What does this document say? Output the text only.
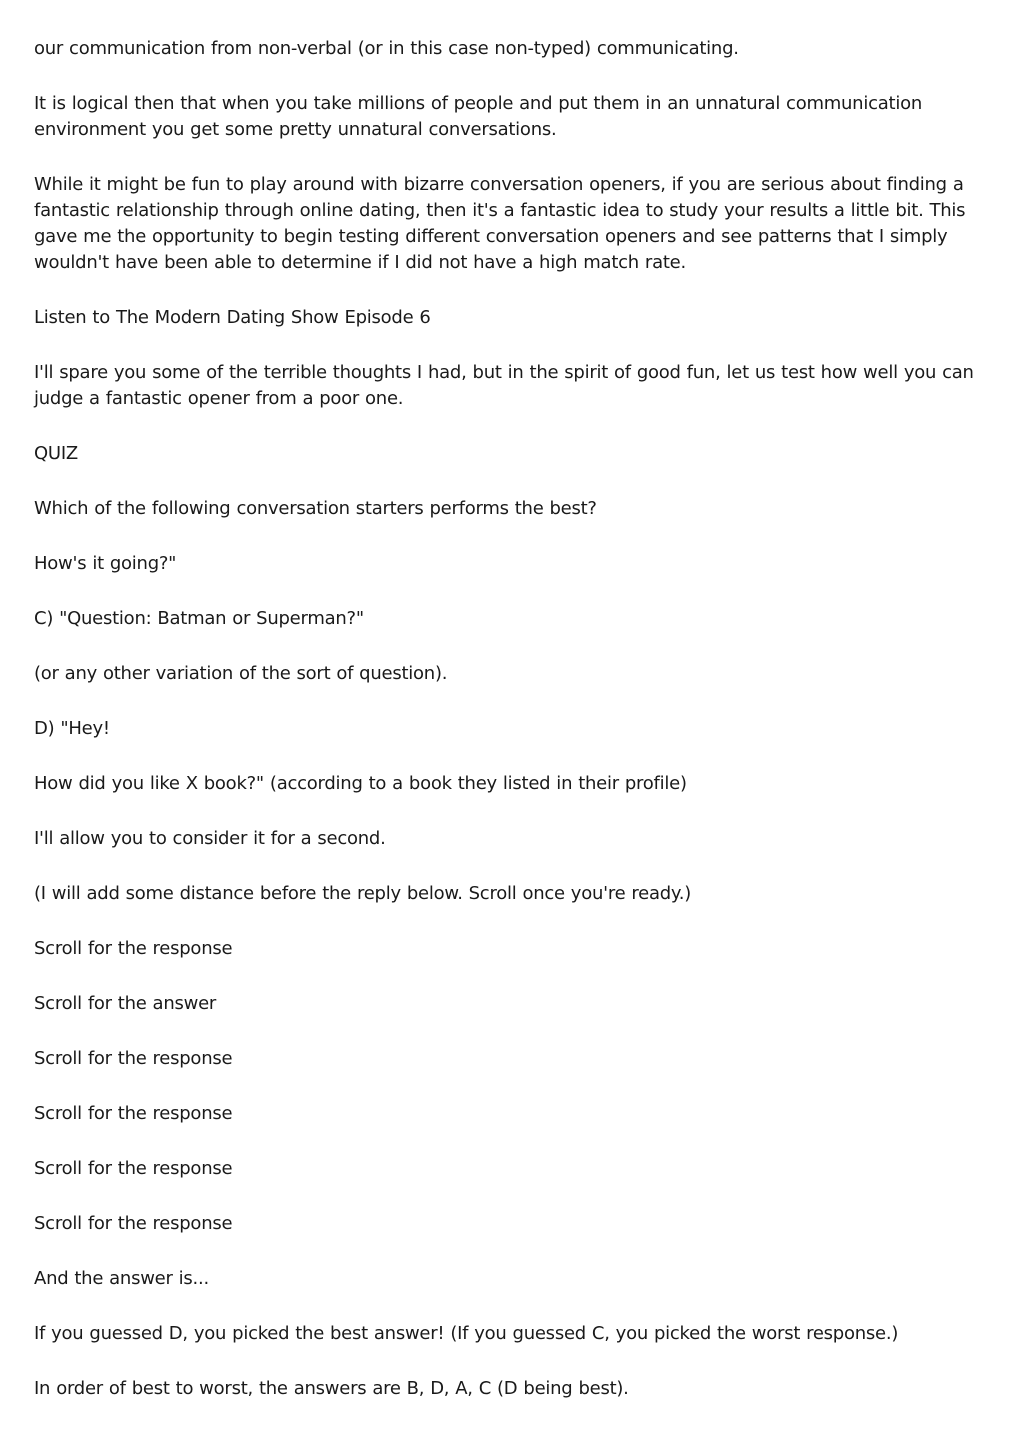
our communication from non-verbal (or in this case non-typed) communicating.

It is logical then that when you take millions of people and put them in an unnatural communication environment you get some pretty unnatural conversations.

While it might be fun to play around with bizarre conversation openers, if you are serious about finding a fantastic relationship through online dating, then it's a fantastic idea to study your results a little bit. This gave me the opportunity to begin testing different conversation openers and see patterns that I simply wouldn't have been able to determine if I did not have a high match rate.

Listen to The Modern Dating Show Episode 6

I'll spare you some of the terrible thoughts I had, but in the spirit of good fun, let us test how well you can judge a fantastic opener from a poor one.

QUIZ

Which of the following conversation starters performs the best?

How's it going?"

C) "Question: Batman or Superman?"

(or any other variation of the sort of question).

D) "Hey!

How did you like X book?" (according to a book they listed in their profile)

I'll allow you to consider it for a second.

(I will add some distance before the reply below. Scroll once you're ready.)

Scroll for the response

Scroll for the answer

Scroll for the response

Scroll for the response

Scroll for the response

Scroll for the response

And the answer is...

If you guessed D, you picked the best answer! (If you guessed C, you picked the worst response.)

In order of best to worst, the answers are B, D, A, C (D being best).
